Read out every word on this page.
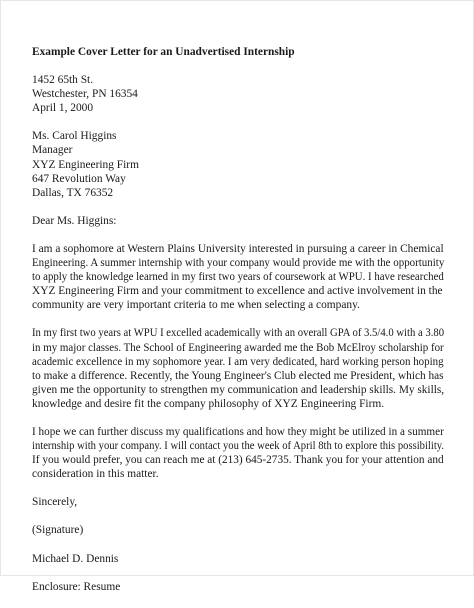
Example Cover Letter for an Unadvertised Internship
1452 65th St.
Westchester, PN 16354
April 1, 2000
Ms. Carol Higgins
Manager
XYZ Engineering Firm
647 Revolution Way
Dallas, TX 76352
Dear Ms. Higgins:
I am a sophomore at Western Plains University interested in pursuing a career in Chemical
Engineering. A summer internship with your company would provide me with the opportunity
to apply the knowledge learned in my first two years of coursework at WPU. I have researched
XYZ Engineering Firm and your commitment to excellence and active involvement in the
community are very important criteria to me when selecting a company.
In my first two years at WPU I excelled academically with an overall GPA of 3.5/4.0 with a 3.80
in my major classes. The School of Engineering awarded me the Bob McElroy scholarship for
academic excellence in my sophomore year. I am very dedicated, hard working person hoping
to make a difference. Recently, the Young Engineer's Club elected me President, which has
given me the opportunity to strengthen my communication and leadership skills. My skills,
knowledge and desire fit the company philosophy of XYZ Engineering Firm.
I hope we can further discuss my qualifications and how they might be utilized in a summer
internship with your company. I will contact you the week of April 8th to explore this possibility.
If you would prefer, you can reach me at (213) 645-2735. Thank you for your attention and
consideration in this matter.
Sincerely,
(Signature)
Michael D. Dennis
Enclosure: Resume
